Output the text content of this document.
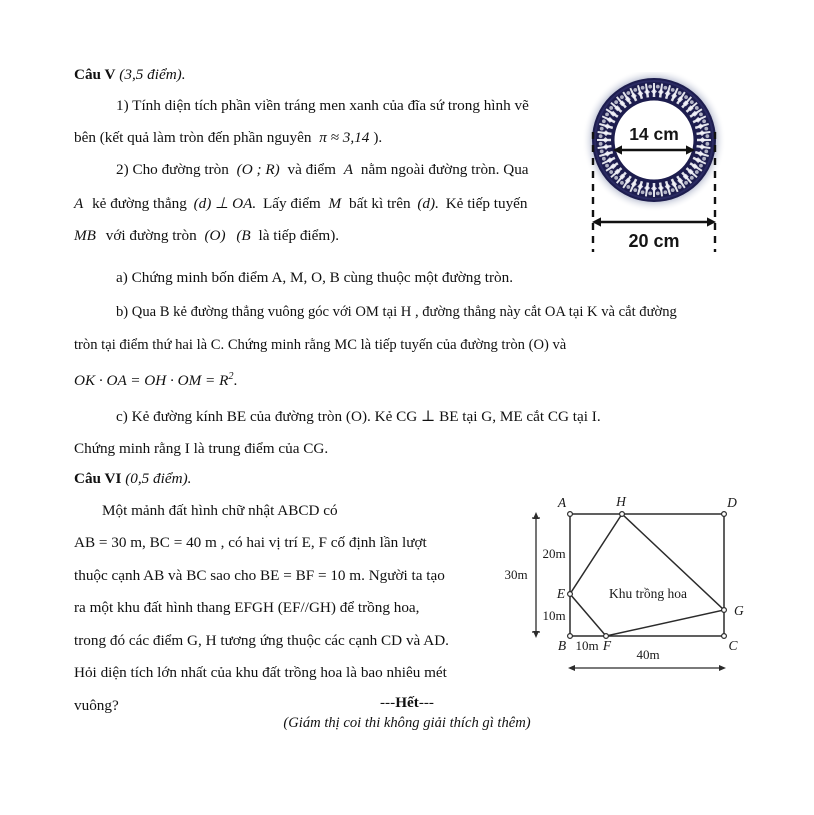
Câu V (3,5 điểm).
1) Tính diện tích phần viền tráng men xanh của đĩa sứ trong hình vẽ
bên (kết quả làm tròn đến phần nguyên π ≈ 3,14 ).
2) Cho đường tròn (O ; R) và điểm A nằm ngoài đường tròn. Qua
A kẻ đường thẳng (d) ⊥ OA. Lấy điểm M bất kì trên (d). Kẻ tiếp tuyến
MB với đường tròn (O) (B là tiếp điểm).
a) Chứng minh bốn điểm A, M, O, B cùng thuộc một đường tròn.
b) Qua B kẻ đường thẳng vuông góc với OM tại H , đường thẳng này cắt OA tại K và cắt đường
tròn tại điểm thứ hai là C. Chứng minh rằng MC là tiếp tuyến của đường tròn (O) và
OK · OA = OH · OM = $R^2$.
c) Kẻ đường kính BE của đường tròn (O). Kẻ CG ⊥ BE tại G, ME cắt CG tại I.
Chứng minh rằng I là trung điểm của CG.
Câu VI (0,5 điểm).
Một mảnh đất hình chữ nhật ABCD có
AB = 30 m, BC = 40 m , có hai vị trí E, F cố định lần lượt
thuộc cạnh AB và BC sao cho BE = BF = 10 m. Người ta tạo
ra một khu đất hình thang EFGH (EF//GH) để trồng hoa,
trong đó các điểm G, H tương ứng thuộc các cạnh CD và AD.
Hỏi diện tích lớn nhất của khu đất trồng hoa là bao nhiêu mét
vuông?
14 cm
20 cm
A	D
H
E
B	F	C
G
Khu trồng hoa
30m
20m
10m
10m
40m
---Hết---
(Giám thị coi thi không giải thích gì thêm)
